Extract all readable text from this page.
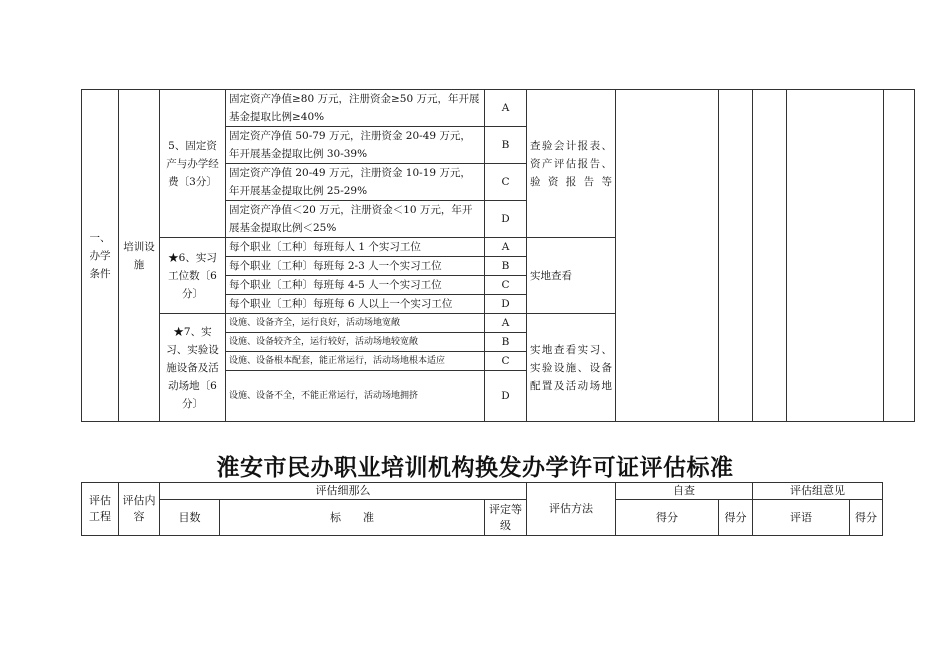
一、办学条件	培训设施	5、固定资产与办学经费〔3分〕	固定资产净值≥80 万元，注册资金≥50 万元，年开展基金提取比例≥40%	A	查验会计报表、资产评估报告、验资报告等					
			固定资产净值 50-79 万元，注册资金 20-49 万元，年开展基金提取比例 30-39%	B						
			固定资产净值 20-49 万元，注册资金 10-19 万元，年开展基金提取比例 25-29%	C						
			固定资产净值＜20 万元，注册资金＜10 万元，年开展基金提取比例＜25%	D						
		★6、实习工位数〔6分〕	每个职业〔工种〕每班每人 1 个实习工位	A	实地查看					
			每个职业〔工种〕每班每 2-3 人一个实习工位	B						
			每个职业〔工种〕每班每 4-5 人一个实习工位	C						
			每个职业〔工种〕每班每 6 人以上一个实习工位	D						
		★7、实习、实验设施设备及活动场地〔6分〕	设施、设备齐全，运行良好，活动场地宽敞	A	实地查看实习、实验设施、设备配置及活动场地					
			设施、设备较齐全，运行较好，活动场地较宽敞	B						
			设施、设备根本配套，能正常运行，活动场地根本适应	C						
			设施、设备不全，不能正常运行，活动场地拥挤	D						
淮安市民办职业培训机构换发办学许可证评估标准
评估工程	评估内容	评估细那么			评估方法	自查		评估组意见	
		目数	标　　准	评定等级		得分	得分	评语	得分
